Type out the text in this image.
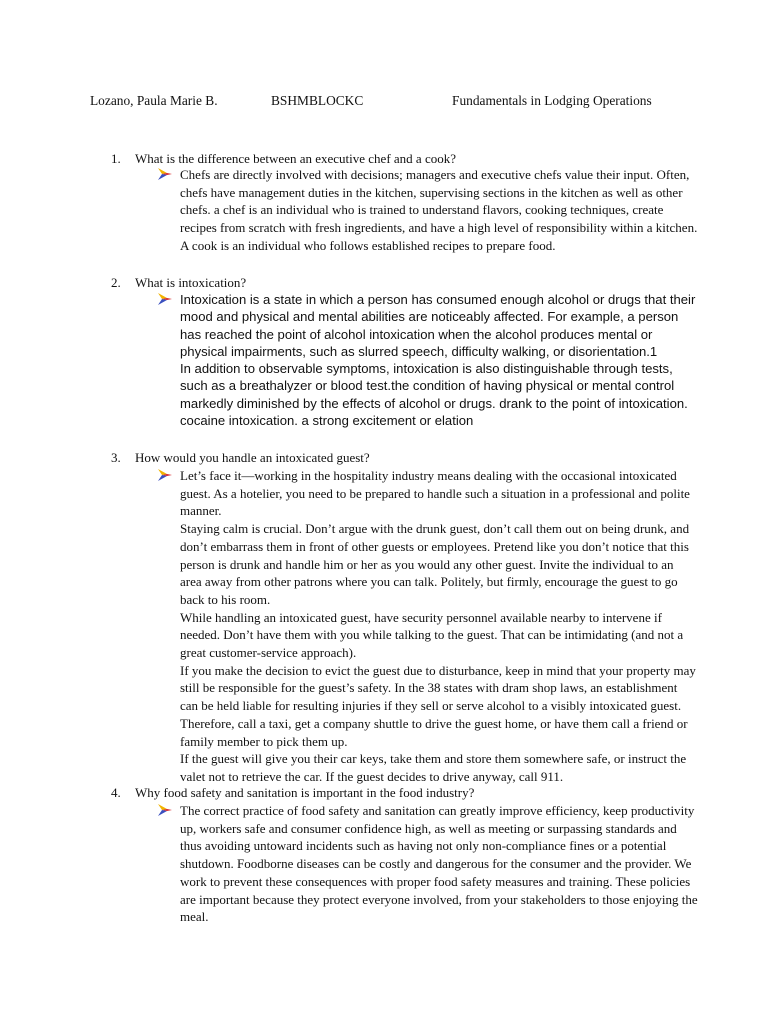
Lozano, Paula Marie B.	BSHMBLOCKC	Fundamentals in Lodging Operations
1. What is the difference between an executive chef and a cook?
Chefs are directly involved with decisions; managers and executive chefs value their input. Often, chefs have management duties in the kitchen, supervising sections in the kitchen as well as other chefs. a chef is an individual who is trained to understand flavors, cooking techniques, create recipes from scratch with fresh ingredients, and have a high level of responsibility within a kitchen. A cook is an individual who follows established recipes to prepare food.
2. What is intoxication?
Intoxication is a state in which a person has consumed enough alcohol or drugs that their mood and physical and mental abilities are noticeably affected. For example, a person has reached the point of alcohol intoxication when the alcohol produces mental or physical impairments, such as slurred speech, difficulty walking, or disorientation.1
In addition to observable symptoms, intoxication is also distinguishable through tests, such as a breathalyzer or blood test.the condition of having physical or mental control markedly diminished by the effects of alcohol or drugs. drank to the point of intoxication. cocaine intoxication. a strong excitement or elation
3. How would you handle an intoxicated guest?
Let’s face it—working in the hospitality industry means dealing with the occasional intoxicated guest. As a hotelier, you need to be prepared to handle such a situation in a professional and polite manner.
Staying calm is crucial. Don’t argue with the drunk guest, don’t call them out on being drunk, and don’t embarrass them in front of other guests or employees. Pretend like you don’t notice that this person is drunk and handle him or her as you would any other guest. Invite the individual to an area away from other patrons where you can talk. Politely, but firmly, encourage the guest to go back to his room.
While handling an intoxicated guest, have security personnel available nearby to intervene if needed. Don’t have them with you while talking to the guest. That can be intimidating (and not a great customer-service approach).
If you make the decision to evict the guest due to disturbance, keep in mind that your property may still be responsible for the guest’s safety. In the 38 states with dram shop laws, an establishment can be held liable for resulting injuries if they sell or serve alcohol to a visibly intoxicated guest. Therefore, call a taxi, get a company shuttle to drive the guest home, or have them call a friend or family member to pick them up.
If the guest will give you their car keys, take them and store them somewhere safe, or instruct the valet not to retrieve the car. If the guest decides to drive anyway, call 911.
4. Why food safety and sanitation is important in the food industry?
The correct practice of food safety and sanitation can greatly improve efficiency, keep productivity up, workers safe and consumer confidence high, as well as meeting or surpassing standards and thus avoiding untoward incidents such as having not only non-compliance fines or a potential shutdown. Foodborne diseases can be costly and dangerous for the consumer and the provider. We work to prevent these consequences with proper food safety measures and training. These policies are important because they protect everyone involved, from your stakeholders to those enjoying the meal.
